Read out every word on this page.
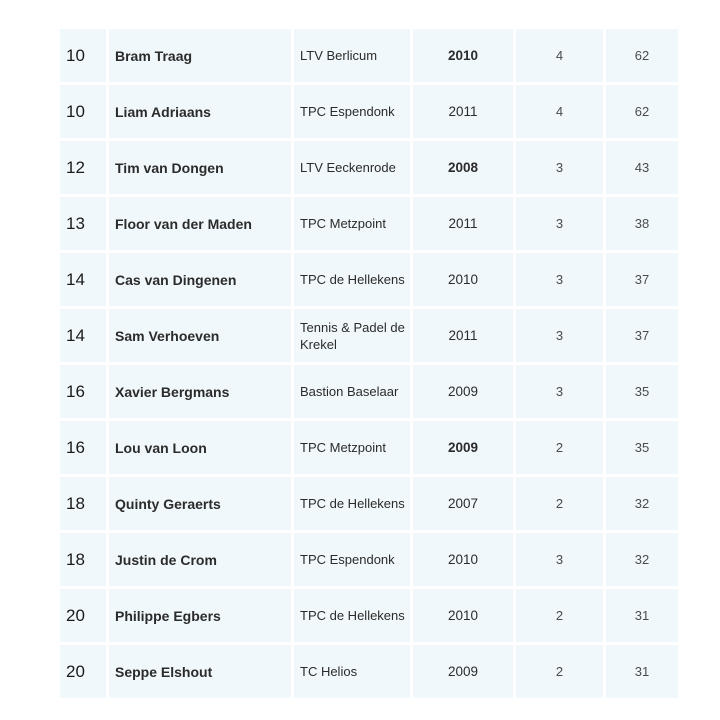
10	Bram Traag	LTV Berlicum	2010	4	62
10	Liam Adriaans	TPC Espendonk	2011	4	62
12	Tim van Dongen	LTV Eeckenrode	2008	3	43
13	Floor van der Maden	TPC Metzpoint	2011	3	38
14	Cas van Dingenen	TPC de Hellekens	2010	3	37
14	Sam Verhoeven	Tennis & Padel de Krekel	2011	3	37
16	Xavier Bergmans	Bastion Baselaar	2009	3	35
16	Lou van Loon	TPC Metzpoint	2009	2	35
18	Quinty Geraerts	TPC de Hellekens	2007	2	32
18	Justin de Crom	TPC Espendonk	2010	3	32
20	Philippe Egbers	TPC de Hellekens	2010	2	31
20	Seppe Elshout	TC Helios	2009	2	31
